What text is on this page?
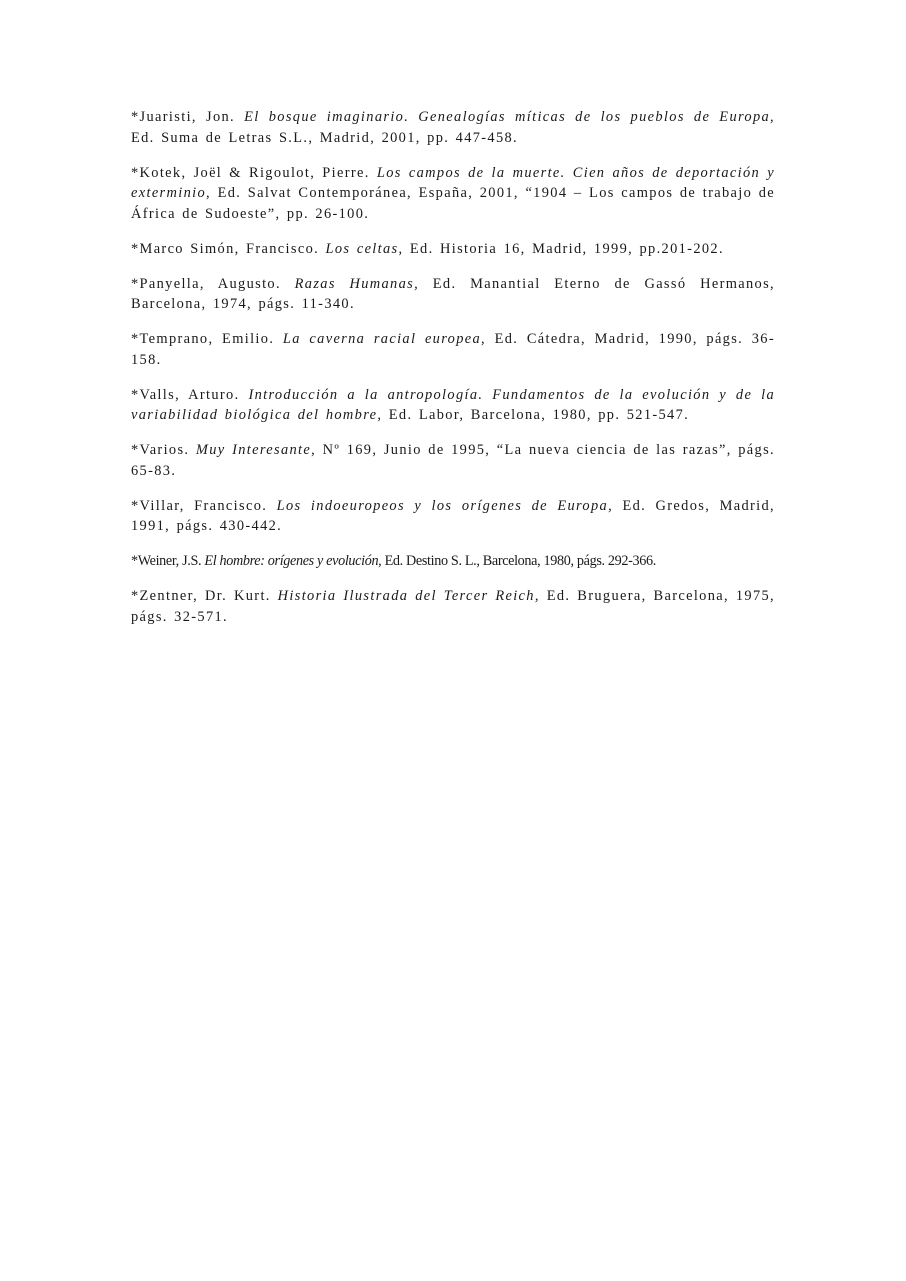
*Juaristi, Jon. El bosque imaginario. Genealogías míticas de los pueblos de Europa, Ed. Suma de Letras S.L., Madrid, 2001, pp. 447-458.

*Kotek, Joël & Rigoulot, Pierre. Los campos de la muerte. Cien años de deportación y exterminio, Ed. Salvat Contemporánea, España, 2001, “1904 – Los campos de trabajo de África de Sudoeste”, pp. 26-100.

*Marco Simón, Francisco. Los celtas, Ed. Historia 16, Madrid, 1999, pp.201-202.

*Panyella, Augusto. Razas Humanas, Ed. Manantial Eterno de Gassó Hermanos, Barcelona, 1974, págs. 11-340.

*Temprano, Emilio. La caverna racial europea, Ed. Cátedra, Madrid, 1990, págs. 36-158.

*Valls, Arturo. Introducción a la antropología. Fundamentos de la evolución y de la variabilidad biológica del hombre, Ed. Labor, Barcelona, 1980, pp. 521-547.

*Varios. Muy Interesante, Nº 169, Junio de 1995, “La nueva ciencia de las razas”, págs. 65-83.

*Villar, Francisco. Los indoeuropeos y los orígenes de Europa, Ed. Gredos, Madrid, 1991, págs. 430-442.

*Weiner, J.S. El hombre: orígenes y evolución, Ed. Destino S. L., Barcelona, 1980, págs. 292-366.

*Zentner, Dr. Kurt. Historia Ilustrada del Tercer Reich, Ed. Bruguera, Barcelona, 1975, págs. 32-571.
